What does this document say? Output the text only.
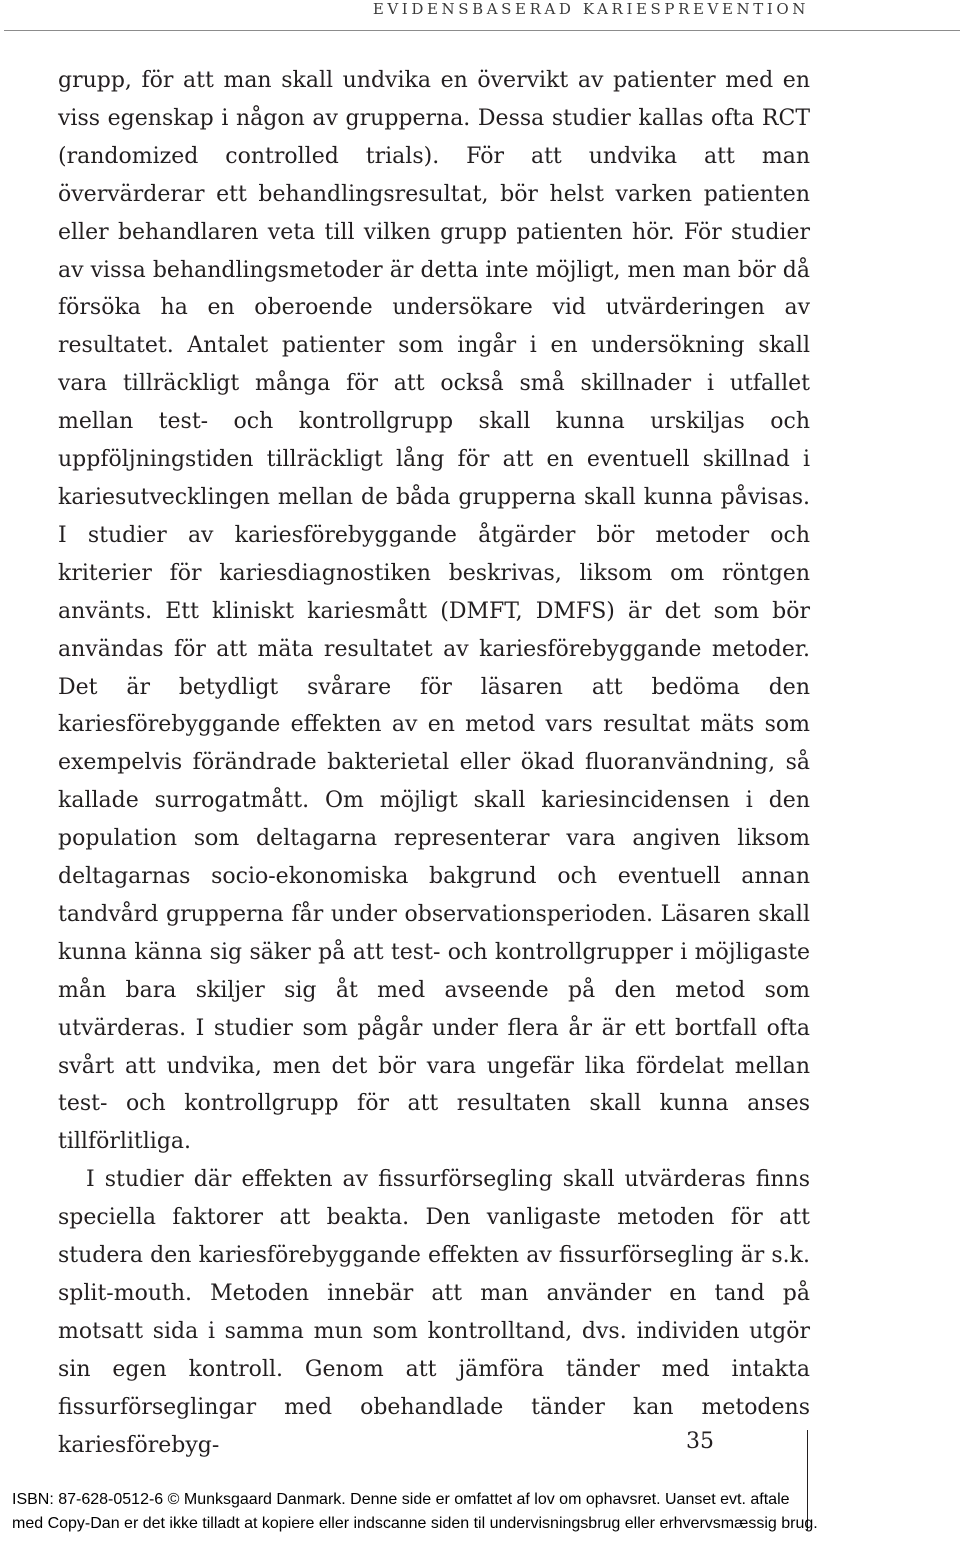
EVIDENSBASERAD KARIESPREVENTION

grupp, för att man skall undvika en övervikt av patienter med en viss egenskap i någon av grupperna. Dessa studier kallas ofta RCT (randomized controlled trials). För att undvika att man övervärderar ett behandlingsresultat, bör helst varken patienten eller behandlaren veta till vilken grupp patienten hör. För studier av vissa behandlingsmetoder är detta inte möjligt, men man bör då försöka ha en oberoende undersökare vid utvärderingen av resultatet. Antalet patienter som ingår i en undersökning skall vara tillräckligt många för att också små skillnader i utfallet mellan test- och kontrollgrupp skall kunna urskiljas och uppföljningstiden tillräckligt lång för att en eventuell skillnad i kariesutvecklingen mellan de båda grupperna skall kunna påvisas. I studier av kariesförebyggande åtgärder bör metoder och kriterier för kariesdiagnostiken beskrivas, liksom om röntgen använts. Ett kliniskt kariesmått (DMFT, DMFS) är det som bör användas för att mäta resultatet av kariesförebyggande metoder. Det är betydligt svårare för läsaren att bedöma den kariesförebyggande effekten av en metod vars resultat mäts som exempelvis förändrade bakterietal eller ökad fluoranvändning, så kallade surrogatmått. Om möjligt skall kariesincidensen i den population som deltagarna representerar vara angiven liksom deltagarnas socio-ekonomiska bakgrund och eventuell annan tandvård grupperna får under observationsperioden. Läsaren skall kunna känna sig säker på att test- och kontrollgrupper i möjligaste mån bara skiljer sig åt med avseende på den metod som utvärderas. I studier som pågår under flera år är ett bortfall ofta svårt att undvika, men det bör vara ungefär lika fördelat mellan test- och kontrollgrupp för att resultaten skall kunna anses tillförlitliga.

I studier där effekten av fissurförsegling skall utvärderas finns speciella faktorer att beakta. Den vanligaste metoden för att studera den kariesförebyggande effekten av fissurförsegling är s.k. split-mouth. Metoden innebär att man använder en tand på motsatt sida i samma mun som kontrolltand, dvs. individen utgör sin egen kontroll. Genom att jämföra tänder med intakta fissurförseglingar med obehandlade tänder kan metodens kariesförebyg-	35
ISBN: 87-628-0512-6 © Munksgaard Danmark. Denne side er omfattet af lov om ophavsret. Uanset evt. aftale
med Copy-Dan er det ikke tilladt at kopiere eller indscanne siden til undervisningsbrug eller erhvervsmæssig brug.
